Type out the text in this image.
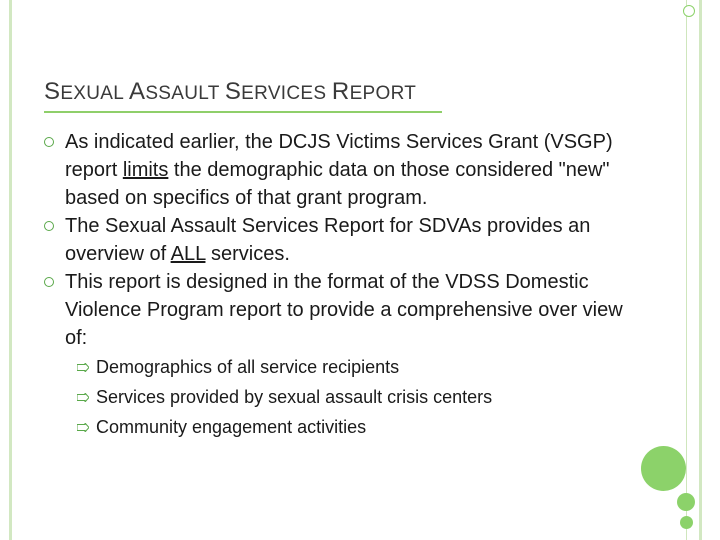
SEXUAL ASSAULT SERVICES REPORT
As indicated earlier, the DCJS Victims Services Grant (VSGP) report limits the demographic data on those considered "new" based on specifics of that grant program.
The Sexual Assault Services Report for SDVAs provides an overview of ALL services.
This report is designed in the format of the VDSS Domestic Violence Program report to provide a comprehensive over view of:
Demographics of all service recipients
Services provided by sexual assault crisis centers
Community engagement activities
